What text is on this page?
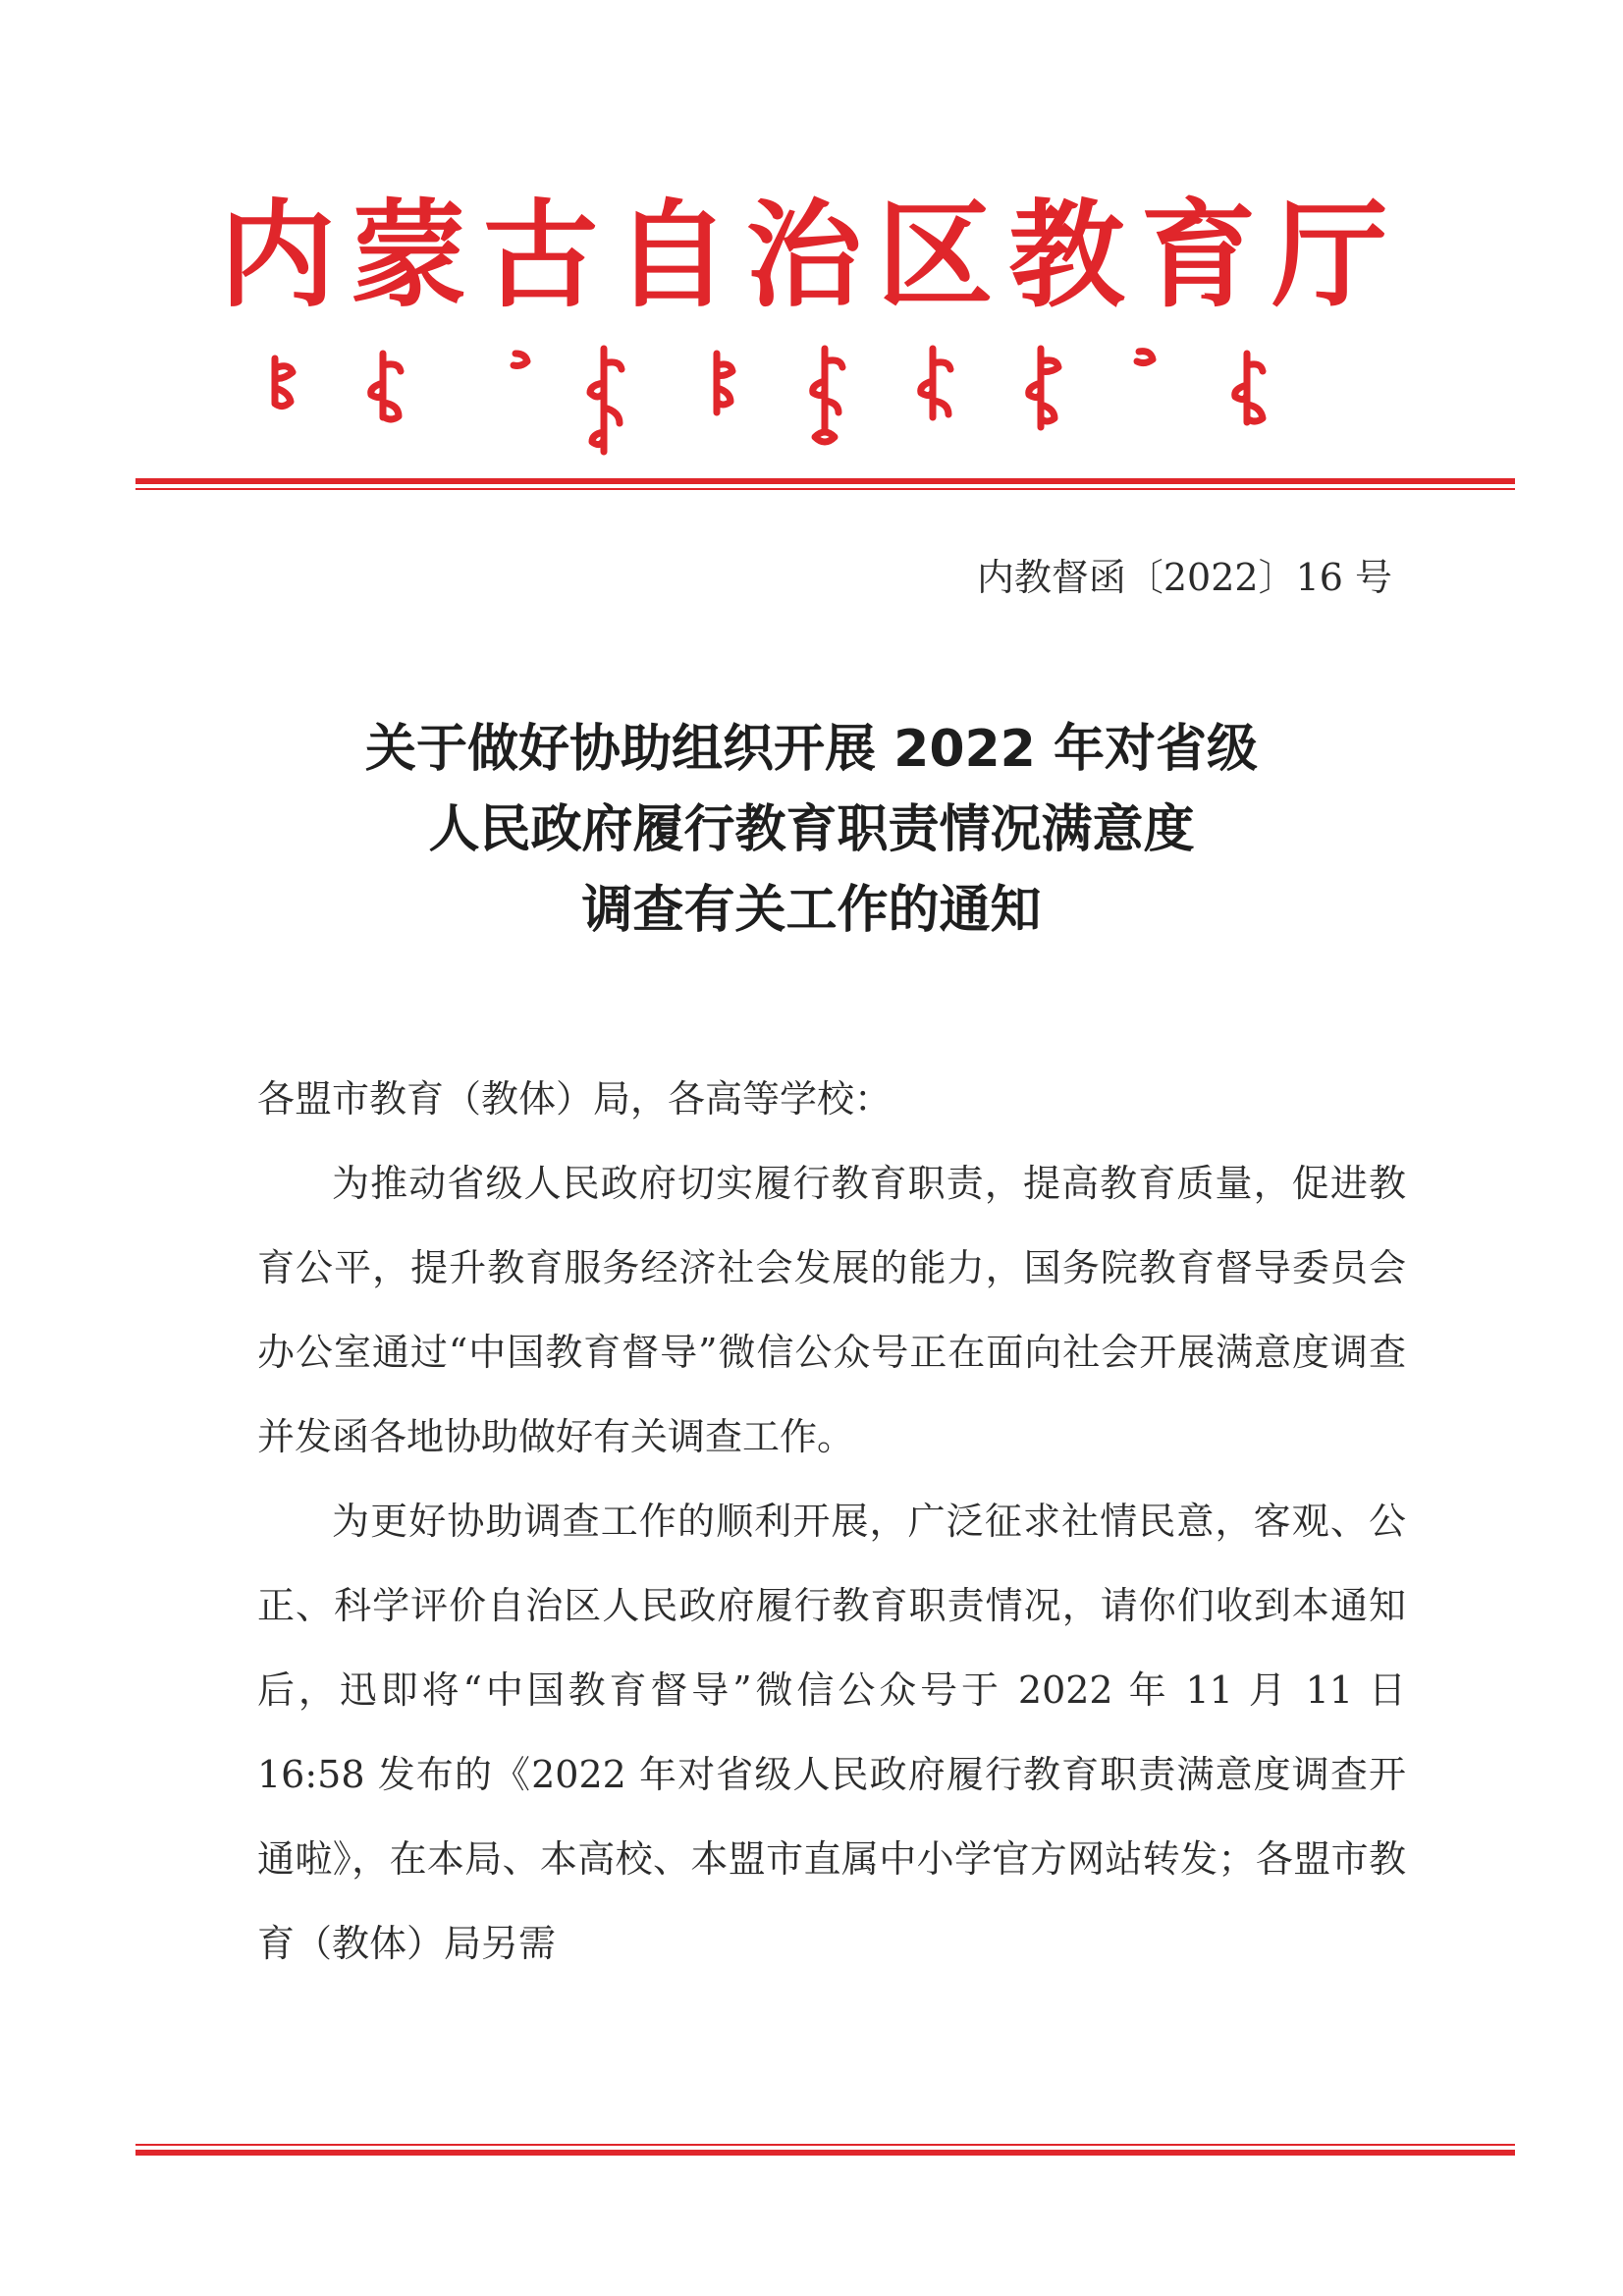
内蒙古自治区教育厅
内教督函〔2022〕16 号
关于做好协助组织开展 2022 年对省级
人民政府履行教育职责情况满意度
调查有关工作的通知
各盟市教育（教体）局，各高等学校：

为推动省级人民政府切实履行教育职责，提高教育质量，促进教育公平，提升教育服务经济社会发展的能力，国务院教育督导委员会办公室通过“中国教育督导”微信公众号正在面向社会开展满意度调查并发函各地协助做好有关调查工作。

为更好协助调查工作的顺利开展，广泛征求社情民意，客观、公正、科学评价自治区人民政府履行教育职责情况，请你们收到本通知后，迅即将“中国教育督导”微信公众号于 2022 年 11 月 11 日 16:58 发布的《2022 年对省级人民政府履行教育职责满意度调查开通啦》，在本局、本高校、本盟市直属中小学官方网站转发；各盟市教育（教体）局另需
